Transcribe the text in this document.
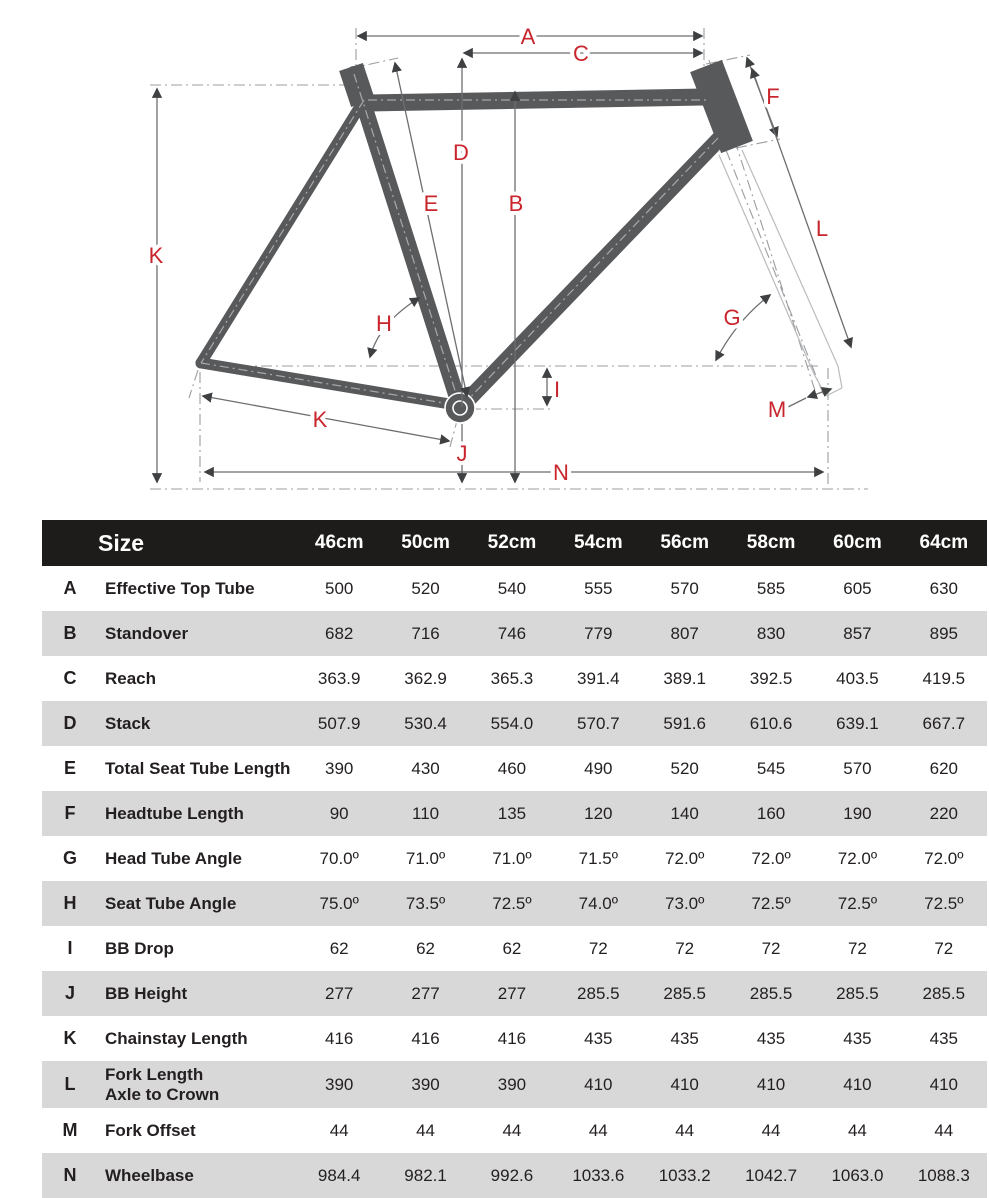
A
C
D
B
E
F
L
K
H	G
I
J
K	M
N
	Size	46cm	50cm	52cm	54cm	56cm	58cm	60cm	64cm
A	Effective Top Tube	500	520	540	555	570	585	605	630
B	Standover	682	716	746	779	807	830	857	895
C	Reach	363.9	362.9	365.3	391.4	389.1	392.5	403.5	419.5
D	Stack	507.9	530.4	554.0	570.7	591.6	610.6	639.1	667.7
E	Total Seat Tube Length	390	430	460	490	520	545	570	620
F	Headtube Length	90	110	135	120	140	160	190	220
G	Head Tube Angle	70.0º	71.0º	71.0º	71.5º	72.0º	72.0º	72.0º	72.0º
H	Seat Tube Angle	75.0º	73.5º	72.5º	74.0º	73.0º	72.5º	72.5º	72.5º
I	BB Drop	62	62	62	72	72	72	72	72
J	BB Height	277	277	277	285.5	285.5	285.5	285.5	285.5
K	Chainstay Length	416	416	416	435	435	435	435	435
L	Fork Length
Axle to Crown	390	390	390	410	410	410	410	410
M	Fork Offset	44	44	44	44	44	44	44	44
N	Wheelbase	984.4	982.1	992.6	1033.6	1033.2	1042.7	1063.0	1088.3
